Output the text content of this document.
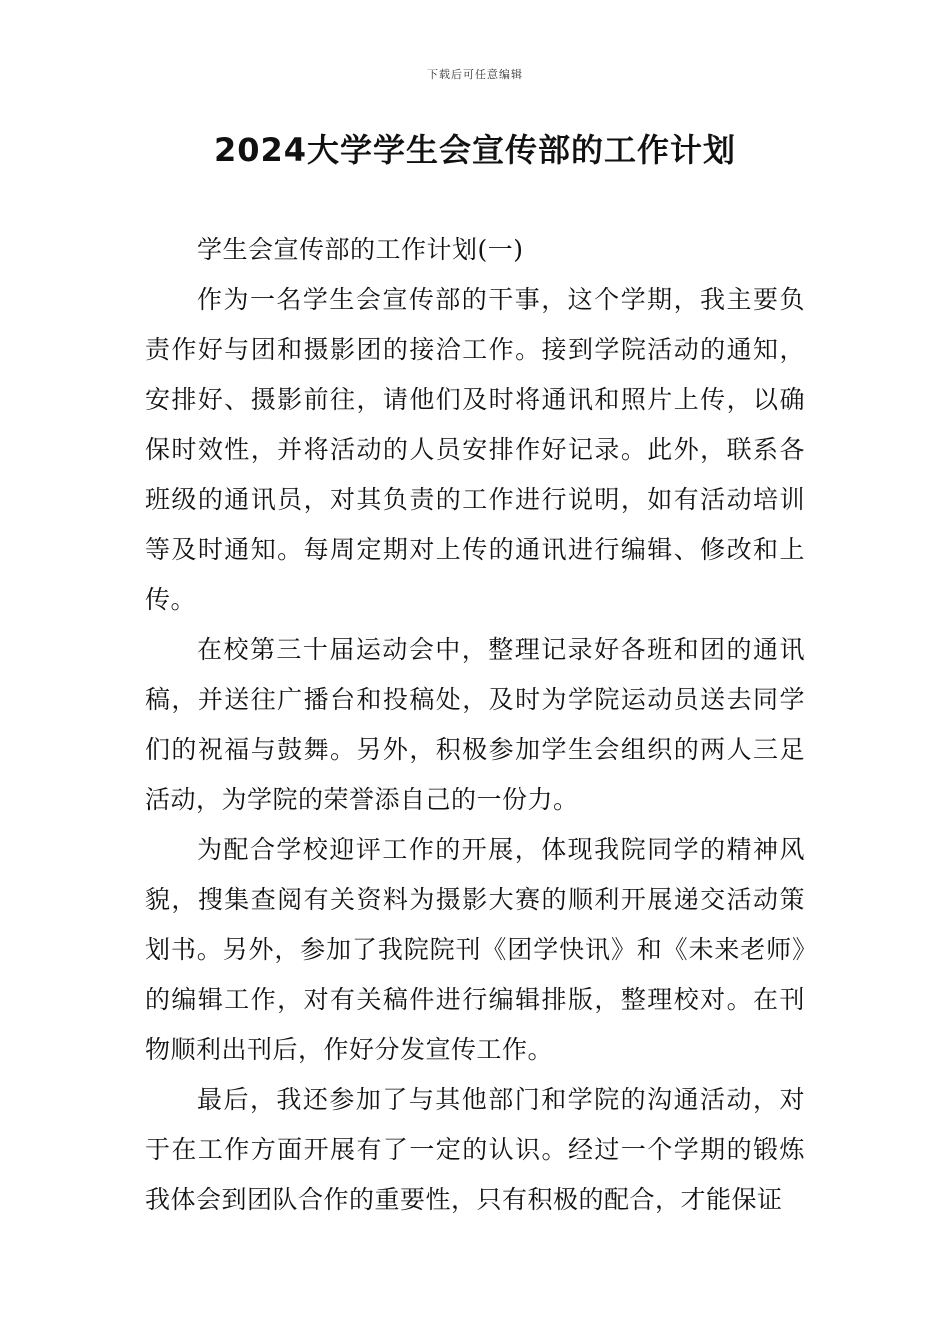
下载后可任意编辑
2024大学学生会宣传部的工作计划

学生会宣传部的工作计划(一)

作为一名学生会宣传部的干事，这个学期，我主要负责作好与团和摄影团的接洽工作。接到学院活动的通知，安排好、摄影前往，请他们及时将通讯和照片上传，以确保时效性，并将活动的人员安排作好记录。此外，联系各班级的通讯员，对其负责的工作进行说明，如有活动培训等及时通知。每周定期对上传的通讯进行编辑、修改和上传。

在校第三十届运动会中，整理记录好各班和团的通讯稿，并送往广播台和投稿处，及时为学院运动员送去同学们的祝福与鼓舞。另外，积极参加学生会组织的两人三足活动，为学院的荣誉添自己的一份力。

为配合学校迎评工作的开展，体现我院同学的精神风貌，搜集查阅有关资料为摄影大赛的顺利开展递交活动策划书。另外，参加了我院院刊《团学快讯》和《未来老师》的编辑工作，对有关稿件进行编辑排版，整理校对。在刊物顺利出刊后，作好分发宣传工作。

最后，我还参加了与其他部门和学院的沟通活动，对于在工作方面开展有了一定的认识。经过一个学期的锻炼我体会到团队合作的重要性，只有积极的配合，才能保证
